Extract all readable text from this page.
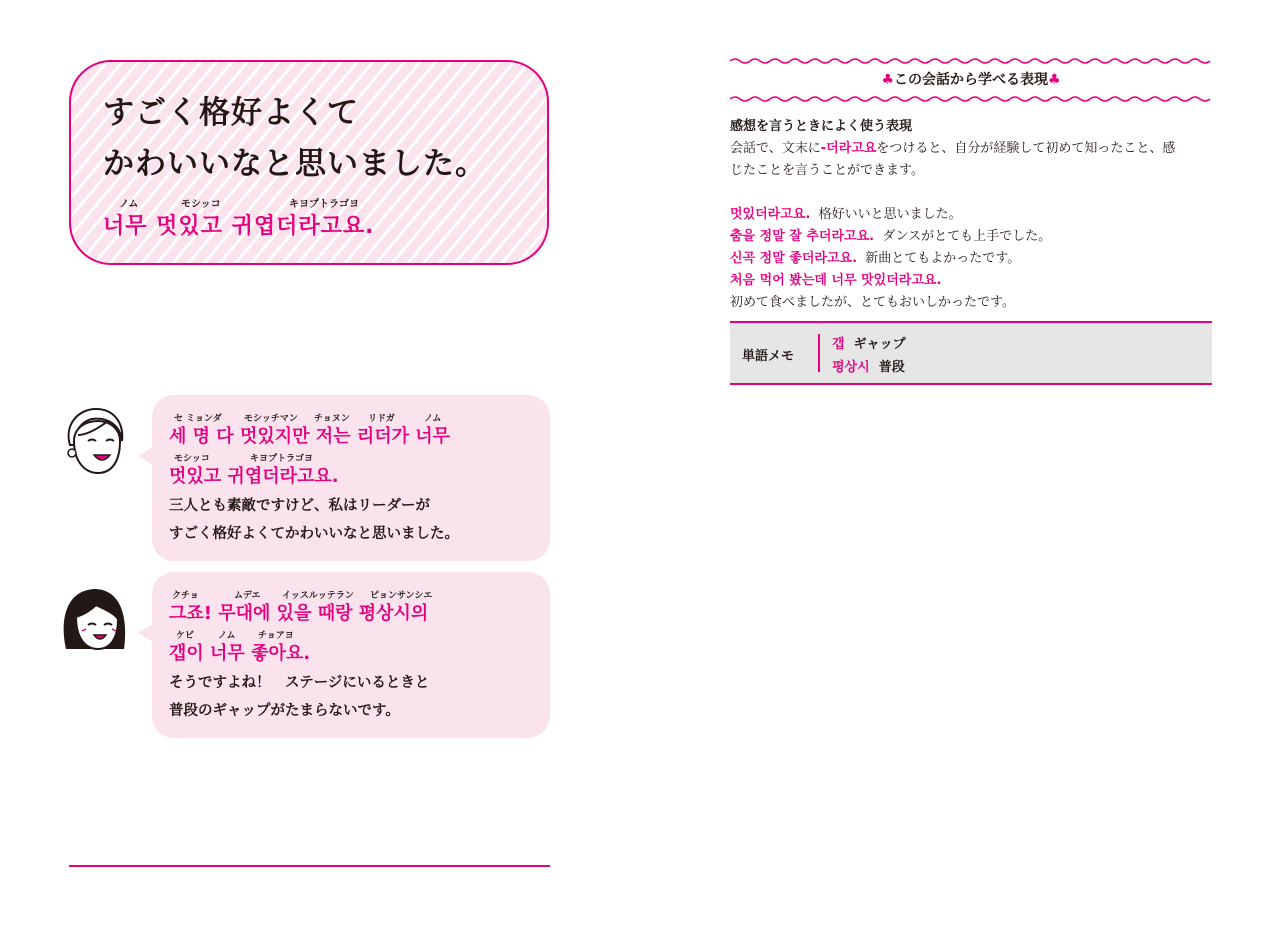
すごく格好よくて
かわいいなと思いました。
ノム	モシッコ	キヨプトラゴヨ
너무 멋있고 귀엽더라고요.
セ ミョンダ モシッチマン チョヌン リドガ	ノム
세 명 다 멋있지만 저는 리더가 너무
モシッコ	キヨプトラゴヨ
멋있고 귀엽더라고요.
三人とも素敵ですけど、私はリーダーが
すごく格好よくてかわいいなと思いました。
クチョ	ムデエ イッスルッテラン ピョンサンシエ
그죠! 무대에 있을 때랑 평상시의
ケビ	ノム	チョアヨ
갭이 너무 좋아요.
そうですよね！　ステージにいるときと
普段のギャップがたまらないです。
♣この会話から学べる表現♣
感想を言うときによく使う表現
会話で、文末に-더라고요をつけると、自分が経験して初めて知ったこと、感
じたことを言うことができます。
멋있더라고요. 格好いいと思いました。
춤을 정말 잘 추더라고요. ダンスがとても上手でした。
신곡 정말 좋더라고요. 新曲とてもよかったです。
처음 먹어 봤는데 너무 맛있더라고요.
初めて食べましたが、とてもおいしかったです。
単語メモ
갭 ギャップ
평상시 普段
